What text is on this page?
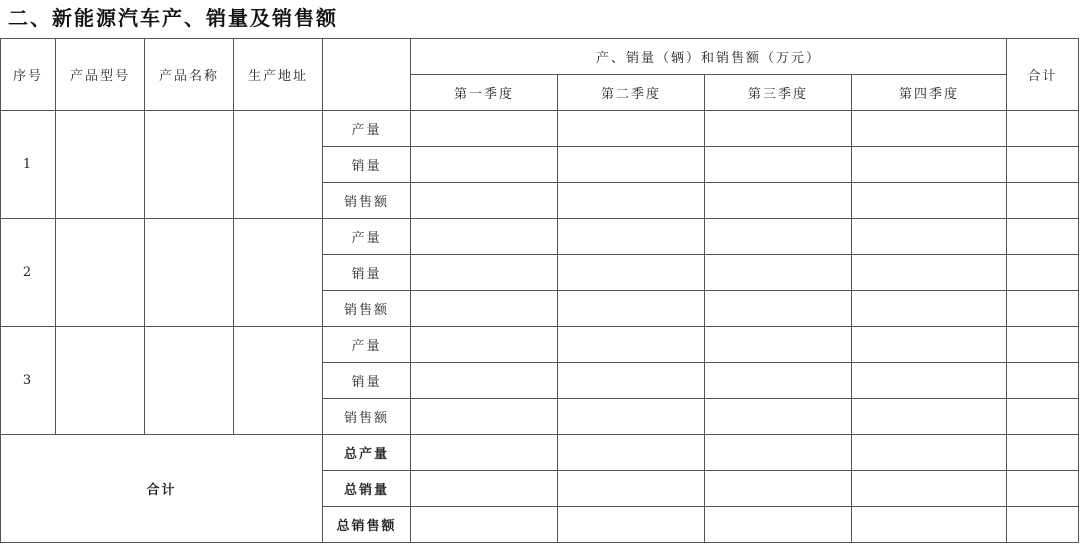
二、新能源汽车产、销量及销售额
序号	产品型号	产品名称	生产地址		产、销量（辆）和销售额（万元）				合计
					第一季度	第二季度	第三季度	第四季度	
1				产量					
				销量					
				销售额					
2				产量					
				销量					
				销售额					
3				产量					
				销量					
				销售额					
合计				总产量					
				总销量					
				总销售额					
